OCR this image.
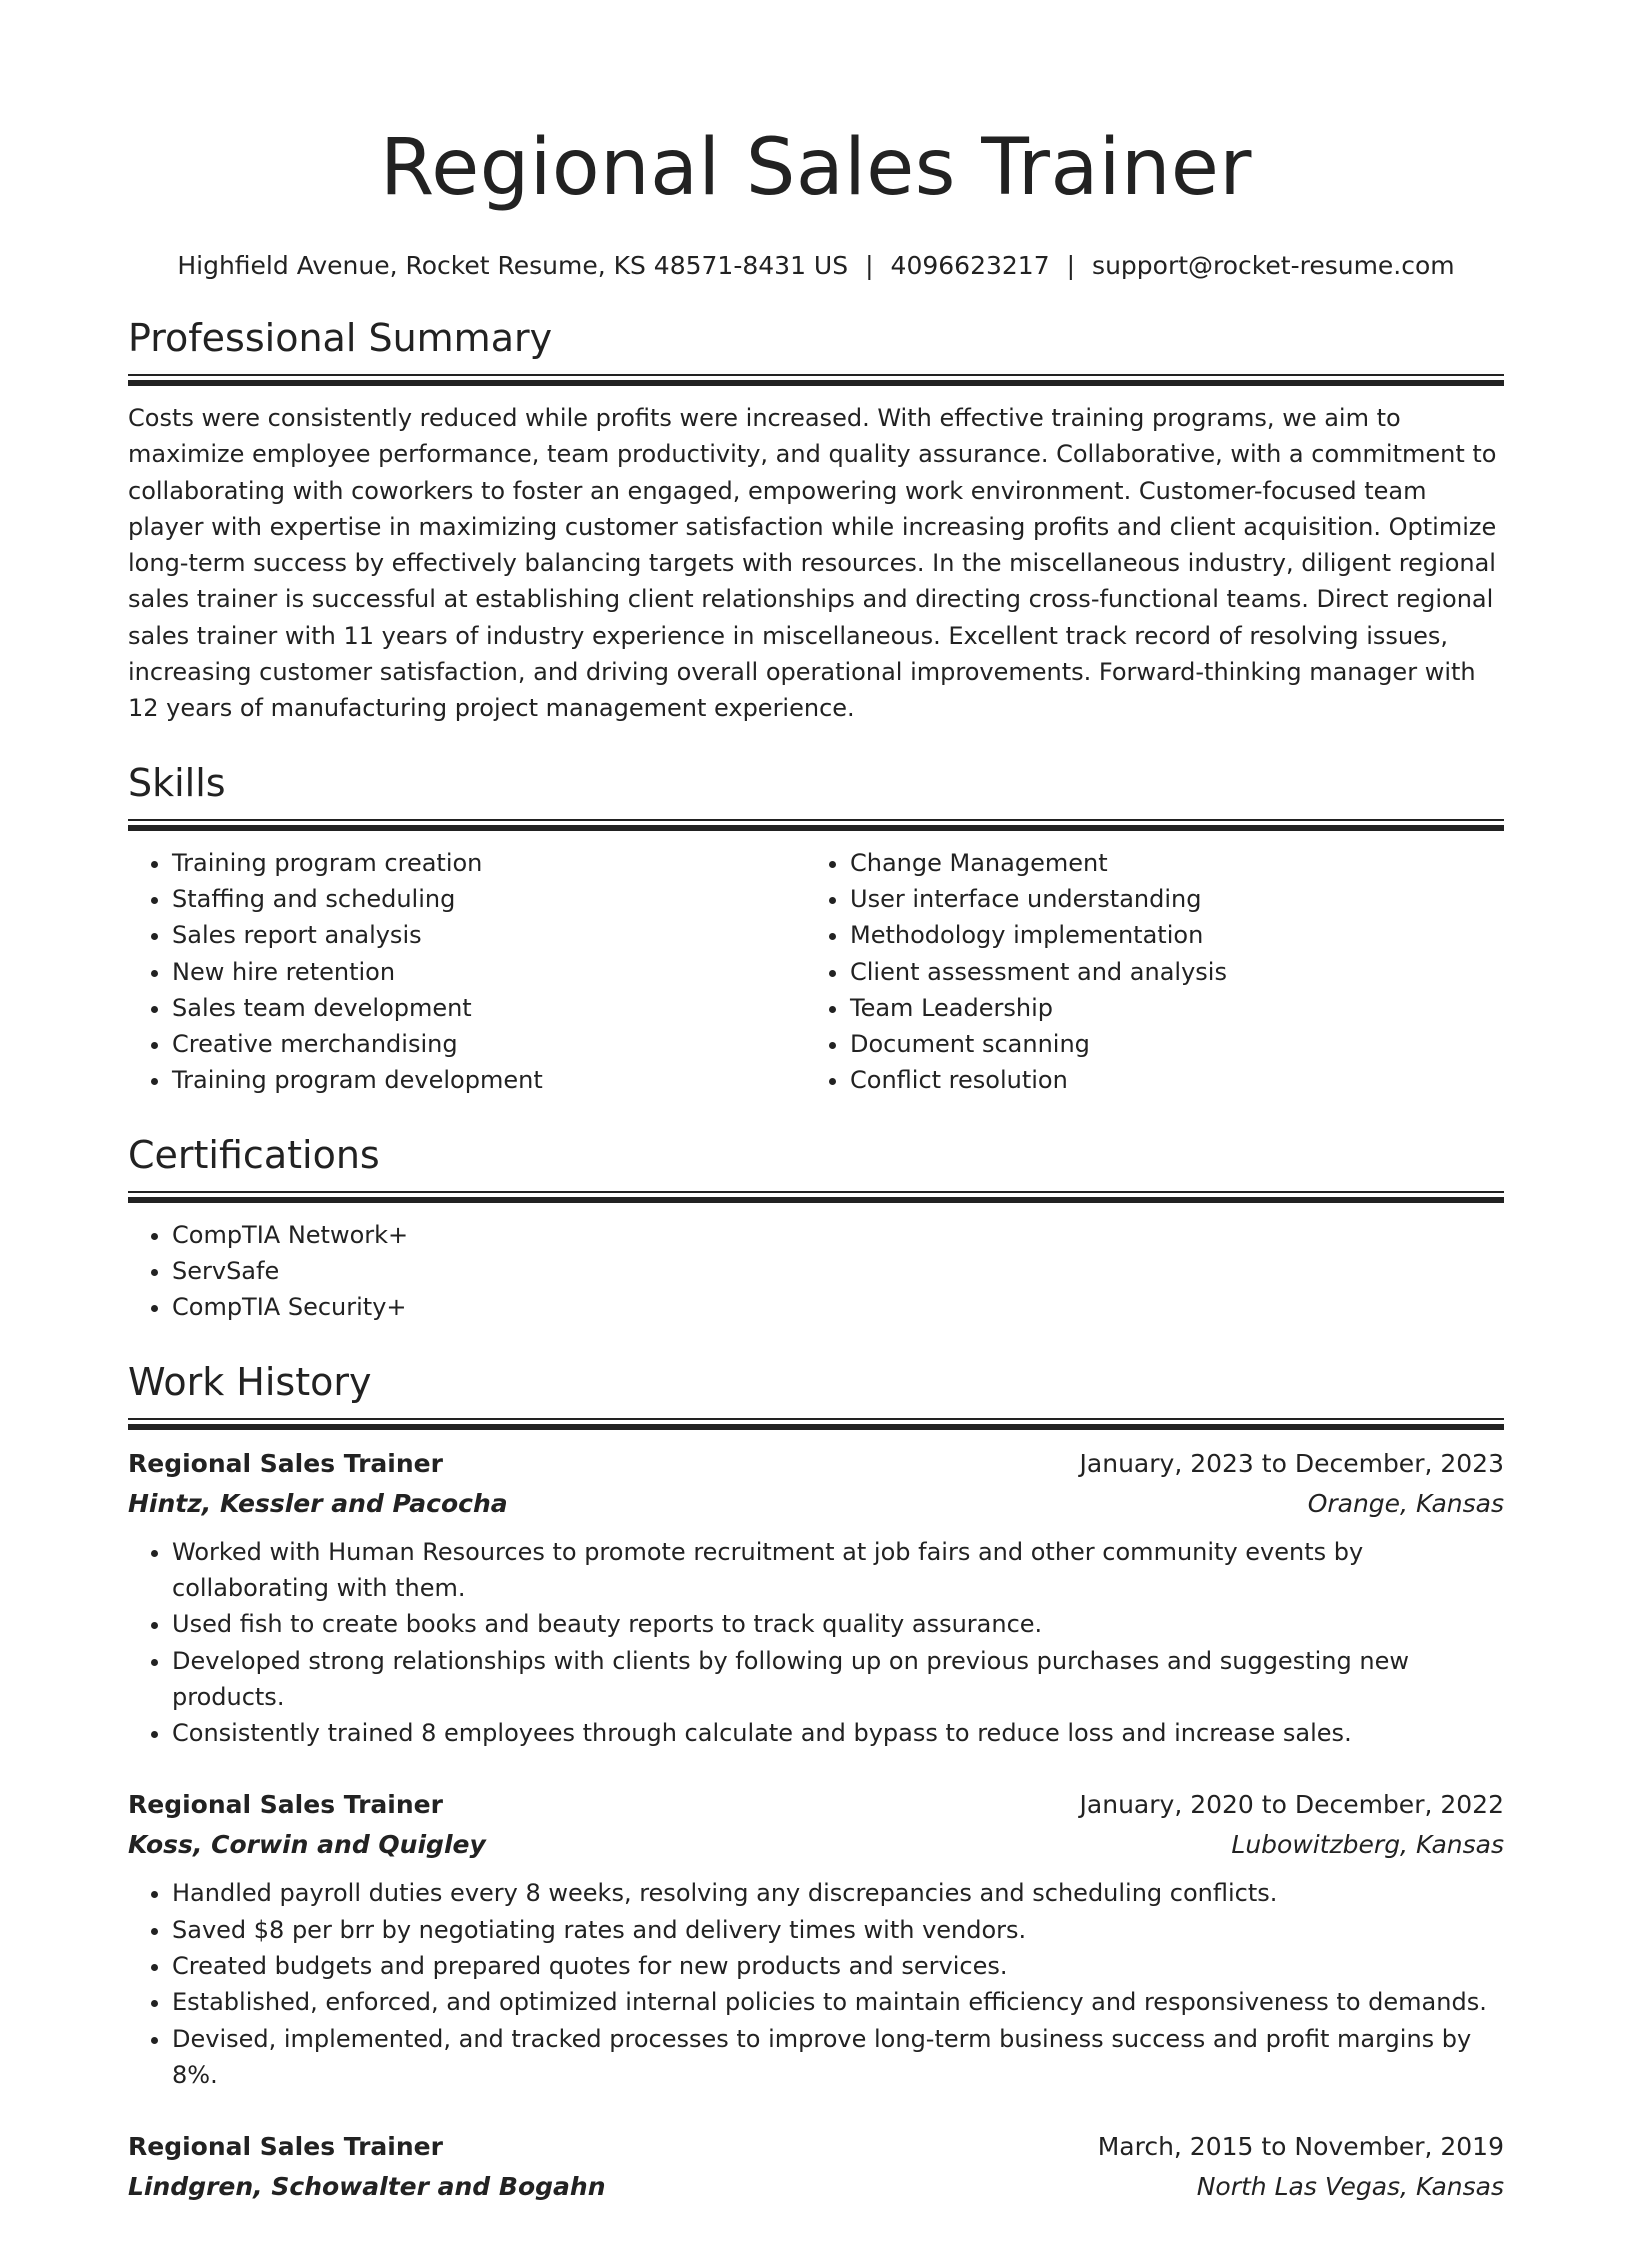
Regional Sales Trainer
Highfield Avenue, Rocket Resume, KS 48571-8431 US | 4096623217 | support@rocket-resume.com
Professional Summary

Costs were consistently reduced while profits were increased. With effective training programs, we aim to maximize employee performance, team productivity, and quality assurance. Collaborative, with a commitment to collaborating with coworkers to foster an engaged, empowering work environment. Customer-focused team player with expertise in maximizing customer satisfaction while increasing profits and client acquisition. Optimize long-term success by effectively balancing targets with resources. In the miscellaneous industry, diligent regional sales trainer is successful at establishing client relationships and directing cross-functional teams. Direct regional sales trainer with 11 years of industry experience in miscellaneous. Excellent track record of resolving issues, increasing customer satisfaction, and driving overall operational improvements. Forward-thinking manager with 12 years of manufacturing project management experience.

Skills
• Training program creation
• Staffing and scheduling
• Sales report analysis
• New hire retention
• Sales team development
• Creative merchandising
• Training program development
• Change Management
• User interface understanding
• Methodology implementation
• Client assessment and analysis
• Team Leadership
• Document scanning
• Conflict resolution
Certifications
• CompTIA Network+
• ServSafe
• CompTIA Security+
Work History
Regional Sales Trainer	January, 2023 to December, 2023
Hintz, Kessler and Pacocha	Orange, Kansas
• Worked with Human Resources to promote recruitment at job fairs and other community events by collaborating with them.
• Used fish to create books and beauty reports to track quality assurance.
• Developed strong relationships with clients by following up on previous purchases and suggesting new products.
• Consistently trained 8 employees through calculate and bypass to reduce loss and increase sales.
Regional Sales Trainer	January, 2020 to December, 2022
Koss, Corwin and Quigley	Lubowitzberg, Kansas
• Handled payroll duties every 8 weeks, resolving any discrepancies and scheduling conflicts.
• Saved $8 per brr by negotiating rates and delivery times with vendors.
• Created budgets and prepared quotes for new products and services.
• Established, enforced, and optimized internal policies to maintain efficiency and responsiveness to demands.
• Devised, implemented, and tracked processes to improve long-term business success and profit margins by 8%.
Regional Sales Trainer	March, 2015 to November, 2019
Lindgren, Schowalter and Bogahn	North Las Vegas, Kansas
